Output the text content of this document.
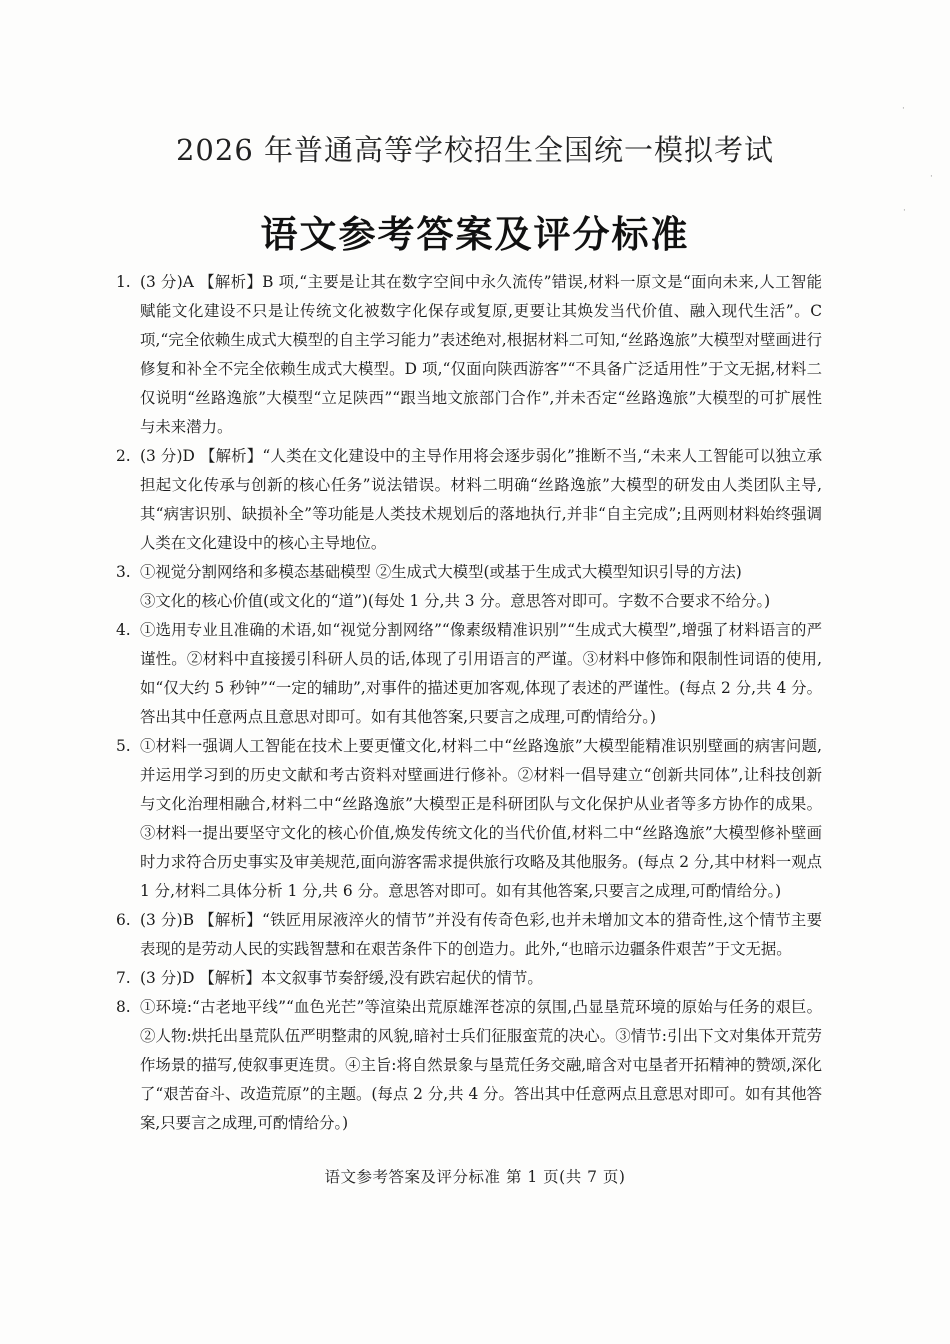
·
·
·
2026 年普通高等学校招生全国统一模拟考试
语文参考答案及评分标准
1. (3 分)A 【解析】B 项,“主要是让其在数字空间中永久流传”错误,材料一原文是“面向未来,人工智能赋能文化建设不只是让传统文化被数字化保存或复原,更要让其焕发当代价值、融入现代生活”。C 项,“完全依赖生成式大模型的自主学习能力”表述绝对,根据材料二可知,“丝路逸旅”大模型对壁画进行修复和补全不完全依赖生成式大模型。D 项,“仅面向陕西游客”“不具备广泛适用性”于文无据,材料二仅说明“丝路逸旅”大模型“立足陕西”“跟当地文旅部门合作”,并未否定“丝路逸旅”大模型的可扩展性与未来潜力。
2. (3 分)D 【解析】“人类在文化建设中的主导作用将会逐步弱化”推断不当,“未来人工智能可以独立承担起文化传承与创新的核心任务”说法错误。材料二明确“丝路逸旅”大模型的研发由人类团队主导,其“病害识别、缺损补全”等功能是人类技术规划后的落地执行,并非“自主完成”;且两则材料始终强调人类在文化建设中的核心主导地位。
3. ①视觉分割网络和多模态基础模型 ②生成式大模型(或基于生成式大模型知识引导的方法)

③文化的核心价值(或文化的“道”)(每处 1 分,共 3 分。意思答对即可。字数不合要求不给分。)

4. ①选用专业且准确的术语,如“视觉分割网络”“像素级精准识别”“生成式大模型”,增强了材料语言的严谨性。②材料中直接援引科研人员的话,体现了引用语言的严谨。③材料中修饰和限制性词语的使用,如“仅大约 5 秒钟”“一定的辅助”,对事件的描述更加客观,体现了表述的严谨性。(每点 2 分,共 4 分。答出其中任意两点且意思对即可。如有其他答案,只要言之成理,可酌情给分。)
5. ①材料一强调人工智能在技术上要更懂文化,材料二中“丝路逸旅”大模型能精准识别壁画的病害问题,并运用学习到的历史文献和考古资料对壁画进行修补。②材料一倡导建立“创新共同体”,让科技创新与文化治理相融合,材料二中“丝路逸旅”大模型正是科研团队与文化保护从业者等多方协作的成果。③材料一提出要坚守文化的核心价值,焕发传统文化的当代价值,材料二中“丝路逸旅”大模型修补壁画时力求符合历史事实及审美规范,面向游客需求提供旅行攻略及其他服务。(每点 2 分,其中材料一观点 1 分,材料二具体分析 1 分,共 6 分。意思答对即可。如有其他答案,只要言之成理,可酌情给分。)
6. (3 分)B 【解析】“铁匠用尿液淬火的情节”并没有传奇色彩,也并未增加文本的猎奇性,这个情节主要表现的是劳动人民的实践智慧和在艰苦条件下的创造力。此外,“也暗示边疆条件艰苦”于文无据。
7. (3 分)D 【解析】本文叙事节奏舒缓,没有跌宕起伏的情节。
8. ①环境:“古老地平线”“血色光芒”等渲染出荒原雄浑苍凉的氛围,凸显垦荒环境的原始与任务的艰巨。②人物:烘托出垦荒队伍严明整肃的风貌,暗衬士兵们征服蛮荒的决心。③情节:引出下文对集体开荒劳作场景的描写,使叙事更连贯。④主旨:将自然景象与垦荒任务交融,暗含对屯垦者开拓精神的赞颂,深化了“艰苦奋斗、改造荒原”的主题。(每点 2 分,共 4 分。答出其中任意两点且意思对即可。如有其他答案,只要言之成理,可酌情给分。)
语文参考答案及评分标准 第 1 页(共 7 页)
